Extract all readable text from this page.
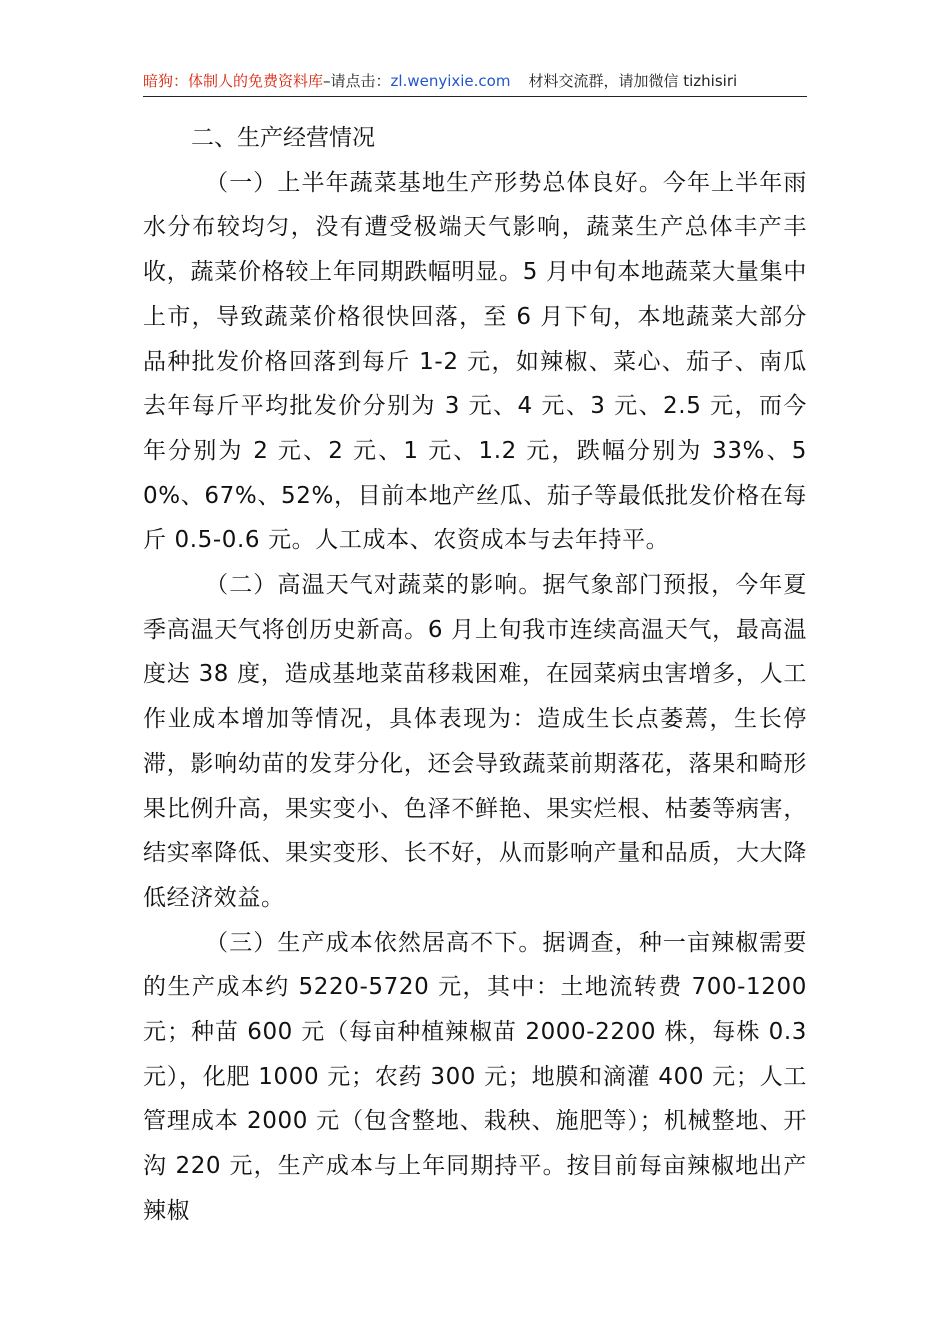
暗狗：体制人的免费资料库–请点击：zl.wenyixie.com 材料交流群，请加微信 tizhisiri

二、生产经营情况

（一）上半年蔬菜基地生产形势总体良好。今年上半年雨水分布较均匀，没有遭受极端天气影响，蔬菜生产总体丰产丰收，蔬菜价格较上年同期跌幅明显。5 月中旬本地蔬菜大量集中上市，导致蔬菜价格很快回落，至 6 月下旬，本地蔬菜大部分品种批发价格回落到每斤 1-2 元，如辣椒、菜心、茄子、南瓜去年每斤平均批发价分别为 3 元、4 元、3 元、2.5 元，而今年分别为 2 元、2 元、1 元、1.2 元，跌幅分别为 33%、50%、67%、52%，目前本地产丝瓜、茄子等最低批发价格在每斤 0.5-0.6 元。人工成本、农资成本与去年持平。

（二）高温天气对蔬菜的影响。据气象部门预报，今年夏季高温天气将创历史新高。6 月上旬我市连续高温天气，最高温度达 38 度，造成基地菜苗移栽困难，在园菜病虫害增多，人工作业成本增加等情况，具体表现为：造成生长点萎蔫，生长停滞，影响幼苗的发芽分化，还会导致蔬菜前期落花，落果和畸形果比例升高，果实变小、色泽不鲜艳、果实烂根、枯萎等病害，结实率降低、果实变形、长不好，从而影响产量和品质，大大降低经济效益。

（三）生产成本依然居高不下。据调查，种一亩辣椒需要的生产成本约 5220-5720 元，其中：土地流转费 700-1200 元；种苗 600 元（每亩种植辣椒苗 2000-2200 株，每株 0.3 元），化肥 1000 元；农药 300 元；地膜和滴灌 400 元；人工管理成本 2000 元（包含整地、栽秧、施肥等）；机械整地、开沟 220 元，生产成本与上年同期持平。按目前每亩辣椒地出产辣椒
